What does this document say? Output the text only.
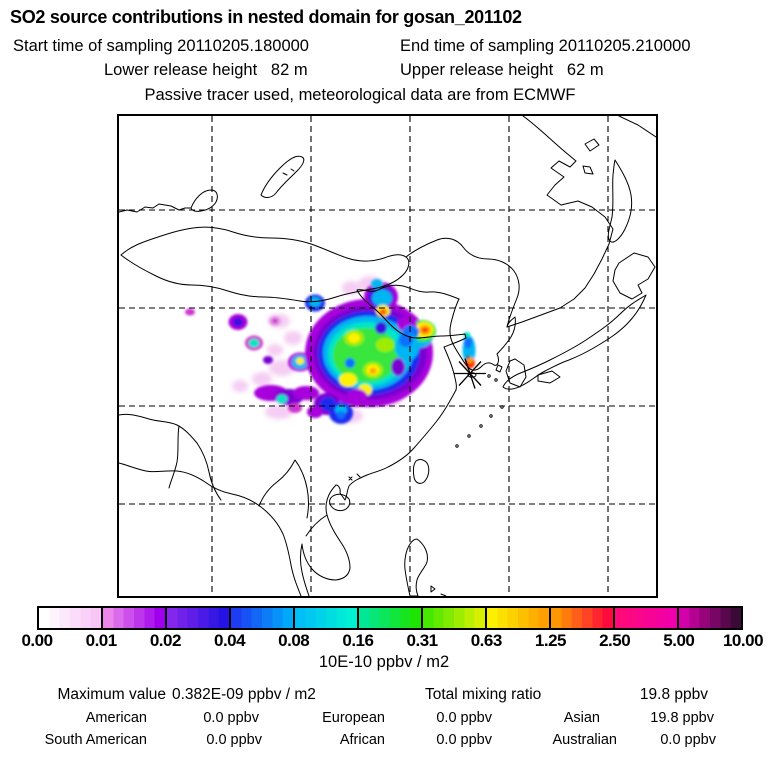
SO2 source contributions in nested domain for gosan_201102
Start time of sampling 20110205.180000	End time of sampling 20110205.210000
Lower release height   82 m	Upper release height   62 m
Passive tracer used, meteorological data are from ECMWF
0.00 0.01 0.02 0.04 0.08 0.16 0.31 0.63 1.25 2.50 5.00 10.00
10E-10 ppbv / m2
Maximum value 0.382E-09 ppbv / m2	Total mixing ratio	19.8 ppbv
American	0.0 ppbv	European	0.0 ppbv	Asian	19.8 ppbv
South American	0.0 ppbv	African	0.0 ppbv	Australian	0.0 ppbv
